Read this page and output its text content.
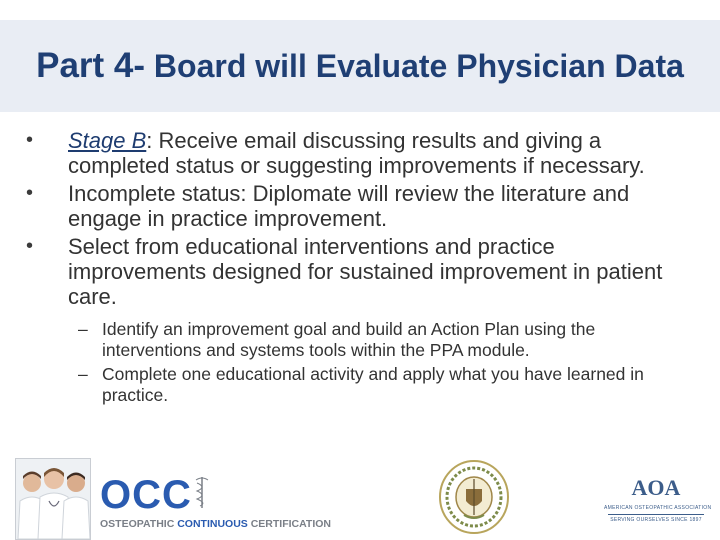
Part 4- Board will Evaluate Physician Data
•	Stage B: Receive email discussing results and giving a completed status or suggesting improvements if necessary.
•	Incomplete status: Diplomate will review the literature and engage in practice improvement.
•	Select from educational interventions and practice improvements designed for sustained improvement in patient care.
– Identify an improvement goal and build an Action Plan using the interventions and systems tools within the PPA module.
– Complete one educational activity and apply what you have learned in practice.
OCC
OSTEOPATHIC CONTINUOUS CERTIFICATION
AOA
AMERICAN OSTEOPATHIC ASSOCIATION
SERVING OURSELVES SINCE 1897
